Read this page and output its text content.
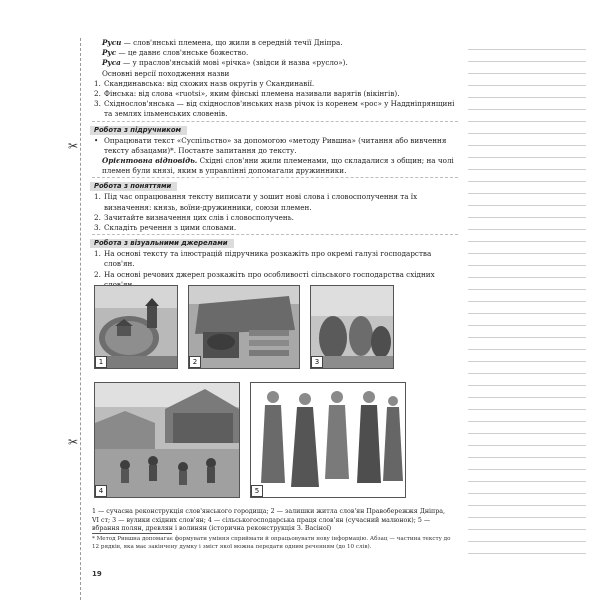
✂
✂

Руси — слов'янські племена, що жили в середній течії Дніпра.

Рус — це давнє слов'янське божество.

Руса — у праслов'янській мові «річка» (звідси й назва «русло»).

Основні версії походження назви

1. Скандинавська: від схожих назв округів у Скандинавії.
2. Фінська: від слова «ruotsi», яким фінські племена називали варягів (вікінгів).
3. Східнослов'янська — від східнослов'янських назв річок із коренем «рос» у Наддніпрянщині та землях ільменських словенів.
Робота з підручником

• Опрацювати текст «Суспільство» за допомогою «методу Рившна» (читання або вивчення тексту абзацами)*. Поставте запитання до тексту.

Орієнтовна відповідь. Східні слов'яни жили племенами, що складалися з общин; на чолі племен були князі, яким в управлінні допомагали дружинники.

Робота з поняттями
1. Під час опрацювання тексту виписати у зошит нові слова і словосполучення та їх визначення: князь, воїни-дружинники, союзи племен.
2. Зачитайте визначення цих слів і словосполучень.
3. Складіть речення з цими словами.
Робота з візуальними джерелами
1. На основі тексту та ілюстрацій підручника розкажіть про окремі галузі господарства слов'ян.
2. На основі речових джерел розкажіть про особливості сільського господарства східних
1	2	3
4	5
1 — сучасна реконструкція слов'янського городища; 2 — залишки житла слов'ян Правобережжя Дніпра, VI ст; 3 — вулики східних слов'ян; 4 — сільськогосподарська праця слов'ян (сучасний малюнок); 5 — вбрання полян, древлян і волинян (історична реконструкція З. Васіної)
* Метод Рившна допомагає формувати уміння сприймати й опрацьовувати нову інформацію. Абзац — частина тексту до 12 рядків, яка має закінчену думку і зміст якої можна передати одним реченням (до 10 слів).
19
